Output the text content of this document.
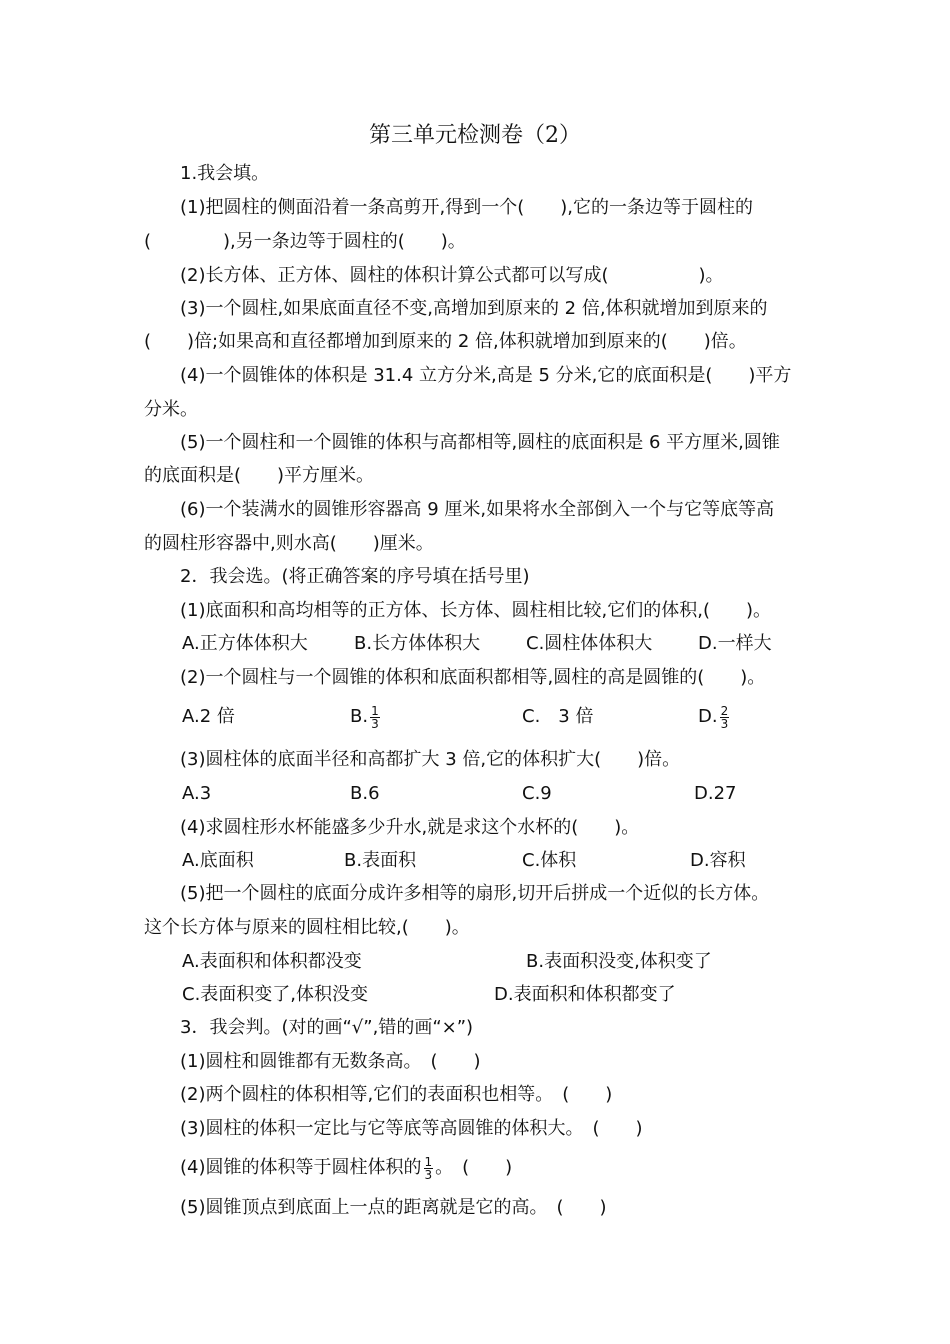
第三单元检测卷（2）
1.我会填。
(1)把圆柱的侧面沿着一条高剪开,得到一个(　　),它的一条边等于圆柱的
(　　　　),另一条边等于圆柱的(　　)。
(2)长方体、正方体、圆柱的体积计算公式都可以写成(　　　　　)。
(3)一个圆柱,如果底面直径不变,高增加到原来的 2 倍,体积就增加到原来的
(　　)倍;如果高和直径都增加到原来的 2 倍,体积就增加到原来的(　　)倍。
(4)一个圆锥体的体积是 31.4 立方分米,高是 5 分米,它的底面积是(　　)平方
分米。
(5)一个圆柱和一个圆锥的体积与高都相等,圆柱的底面积是 6 平方厘米,圆锥
的底面积是(　　)平方厘米。
(6)一个装满水的圆锥形容器高 9 厘米,如果将水全部倒入一个与它等底等高
的圆柱形容器中,则水高(　　)厘米。
2．我会选。(将正确答案的序号填在括号里)
(1)底面积和高均相等的正方体、长方体、圆柱相比较,它们的体积,(　　)。
A.正方体体积大	B.长方体体积大	C.圆柱体体积大	D.一样大
(2)一个圆柱与一个圆锥的体积和底面积都相等,圆柱的高是圆锥的(　　)。
A.2 倍	B. $\frac{1}{3}$	C.　3 倍	D. $\frac{2}{3}$
(3)圆柱体的底面半径和高都扩大 3 倍,它的体积扩大(　　)倍。
A.3	B.6	C.9	D.27
(4)求圆柱形水杯能盛多少升水,就是求这个水杯的(　　)。
A.底面积	B.表面积	C.体积	D.容积
(5)把一个圆柱的底面分成许多相等的扇形,切开后拼成一个近似的长方体。
这个长方体与原来的圆柱相比较,(　　)。
A.表面积和体积都没变	B.表面积没变,体积变了
C.表面积变了,体积没变	D.表面积和体积都变了
3．我会判。(对的画“√”,错的画“×”)
(1)圆柱和圆锥都有无数条高。　(　　)
(2)两个圆柱的体积相等,它们的表面积也相等。　(　　)
(3)圆柱的体积一定比与它等底等高圆锥的体积大。　(　　)
(4)圆锥的体积等于圆柱体积的 $\frac{1}{3}$ 。　(　　)
(5)圆锥顶点到底面上一点的距离就是它的高。　(　　)
